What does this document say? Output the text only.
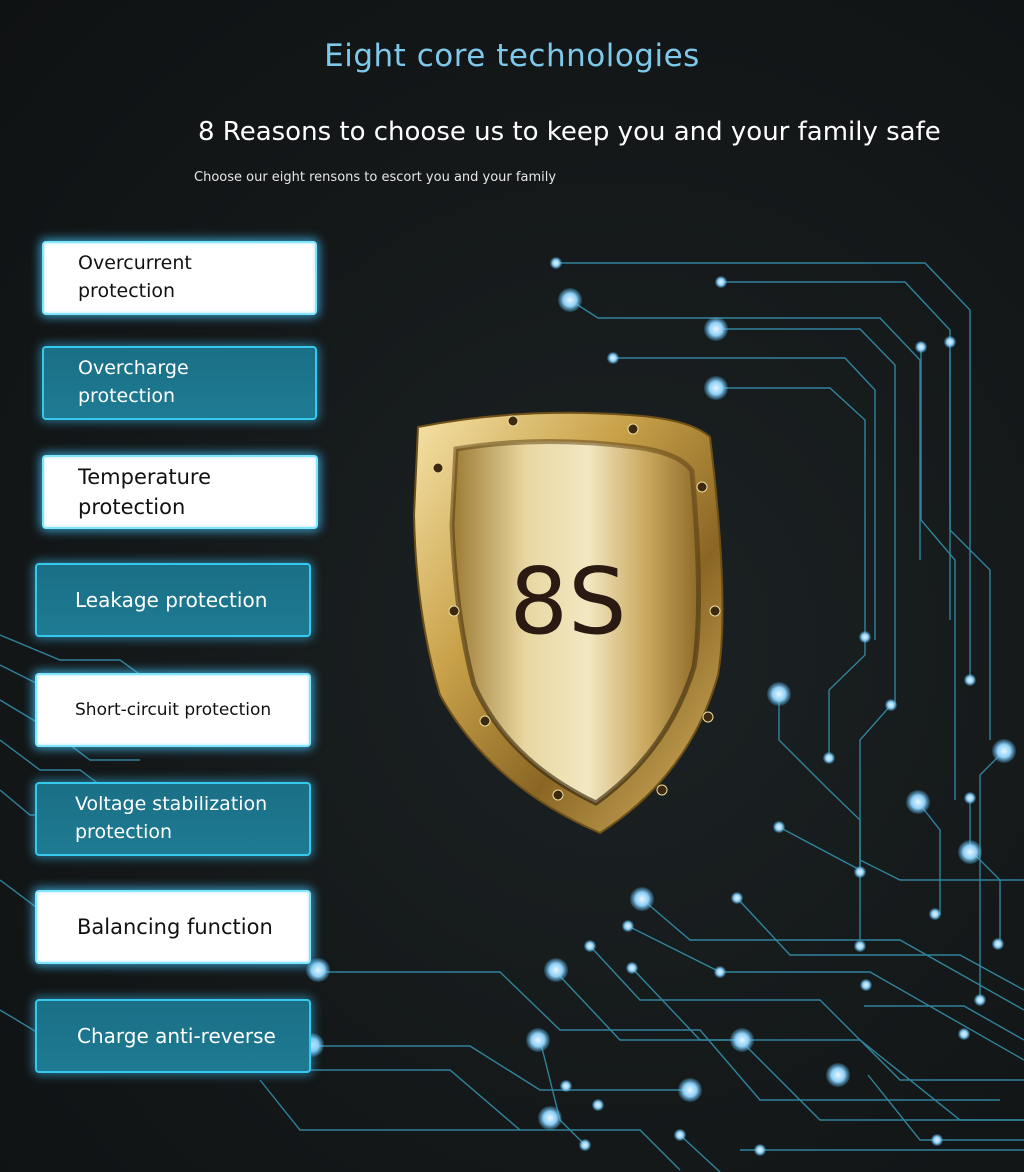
Eight core technologies
8 Reasons to choose us to keep you and your family safe

Choose our eight rensons to escort you and your family

Overcurrent protection
Overcharge protection
Temperature protection
Leakage protection
Short-circuit protection
Voltage stabilization protection
Balancing function
Charge anti-reverse
8S
